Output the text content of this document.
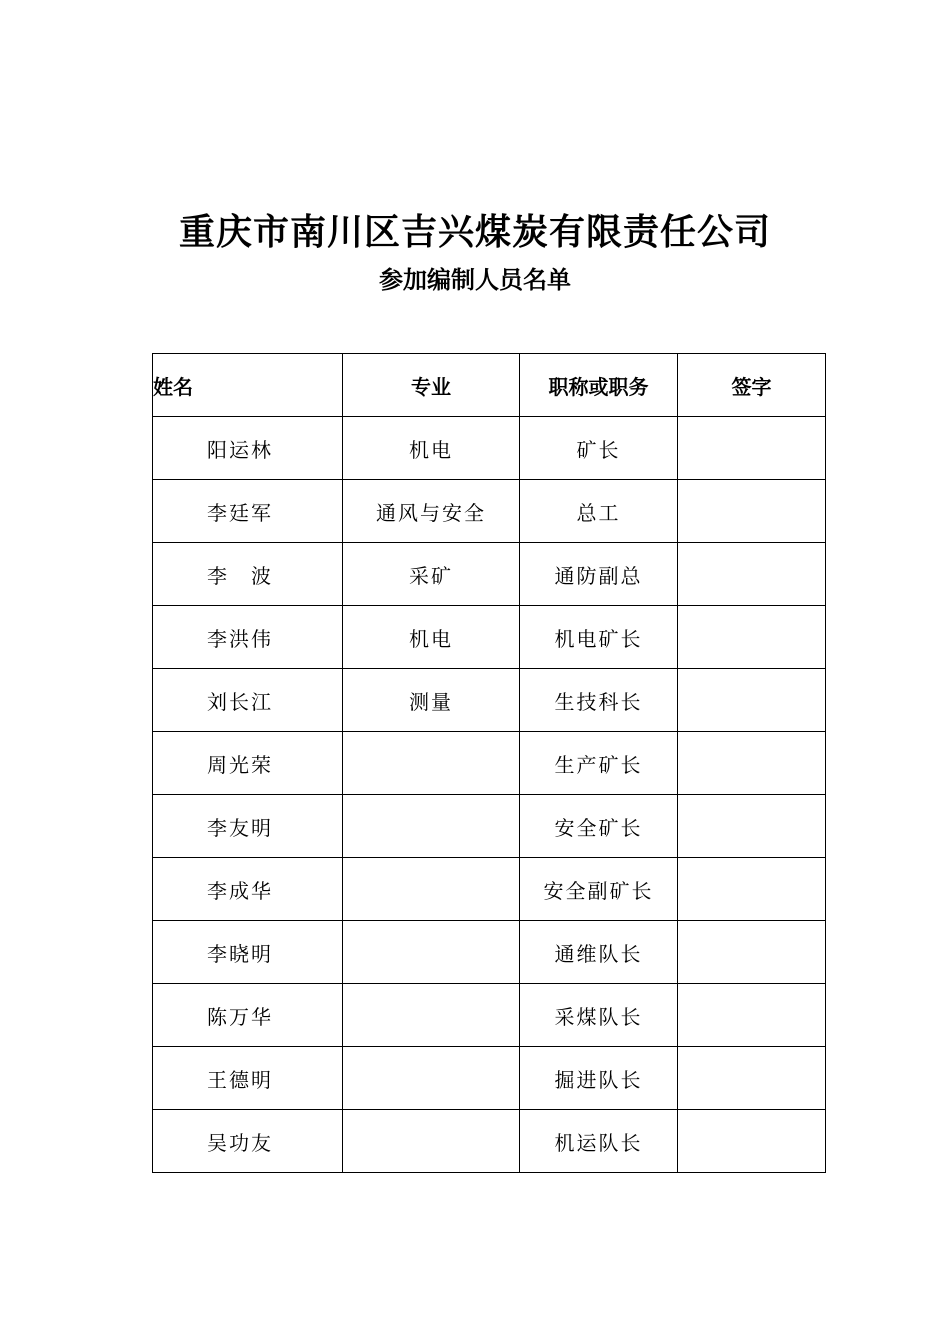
重庆市南川区吉兴煤炭有限责任公司
参加编制人员名单
姓名	专业	职称或职务	签字
阳运林	机电	矿长	
李廷军	通风与安全	总工	
李　波	采矿	通防副总	
李洪伟	机电	机电矿长	
刘长江	测量	生技科长	
周光荣		生产矿长	
李友明		安全矿长	
李成华		安全副矿长	
李晓明		通维队长	
陈万华		采煤队长	
王德明		掘进队长	
吴功友		机运队长	
